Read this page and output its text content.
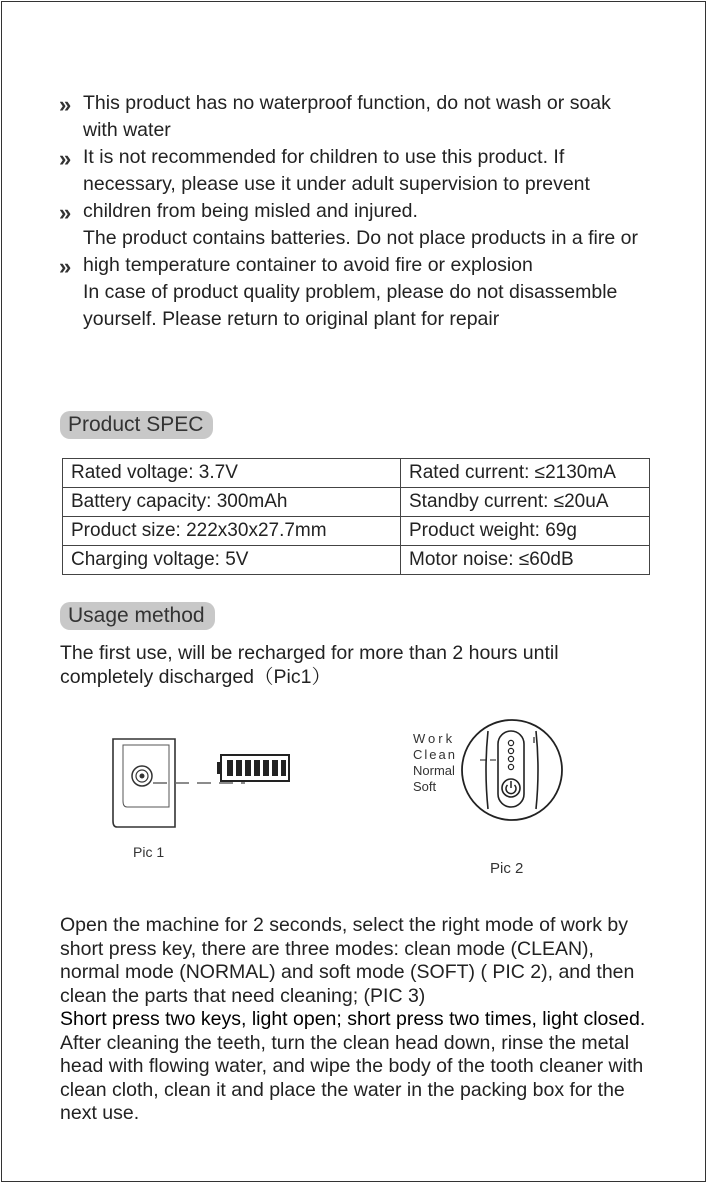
» This product has no waterproof function, do not wash or soak
with water
» It is not recommended for children to use this product. If
necessary, please use it under adult supervision to prevent
» children from being misled and injured.
The product contains batteries. Do not place products in a fire or
» high temperature container to avoid fire or explosion
In case of product quality problem, please do not disassemble
yourself. Please return to original plant for repair
Product SPEC
Rated voltage: 3.7V	Rated current: ≤2130mA
Battery capacity: 300mAh	Standby current: ≤20uA
Product size: 222x30x27.7mm	Product weight: 69g
Charging voltage: 5V	Motor noise: ≤60dB
Usage method
The first use, will be recharged for more than 2 hours until
completely discharged（Pic1）
Pic 1
Work
Clean
Normal
Soft
Pic 2
Open the machine for 2 seconds, select the right mode of work by
short press key, there are three modes: clean mode (CLEAN),
normal mode (NORMAL) and soft mode (SOFT) ( PIC 2), and then
clean the parts that need cleaning; (PIC 3)
Short press two keys, light open; short press two times, light closed.
After cleaning the teeth, turn the clean head down, rinse the metal
head with flowing water, and wipe the body of the tooth cleaner with
clean cloth, clean it and place the water in the packing box for the
next use.
